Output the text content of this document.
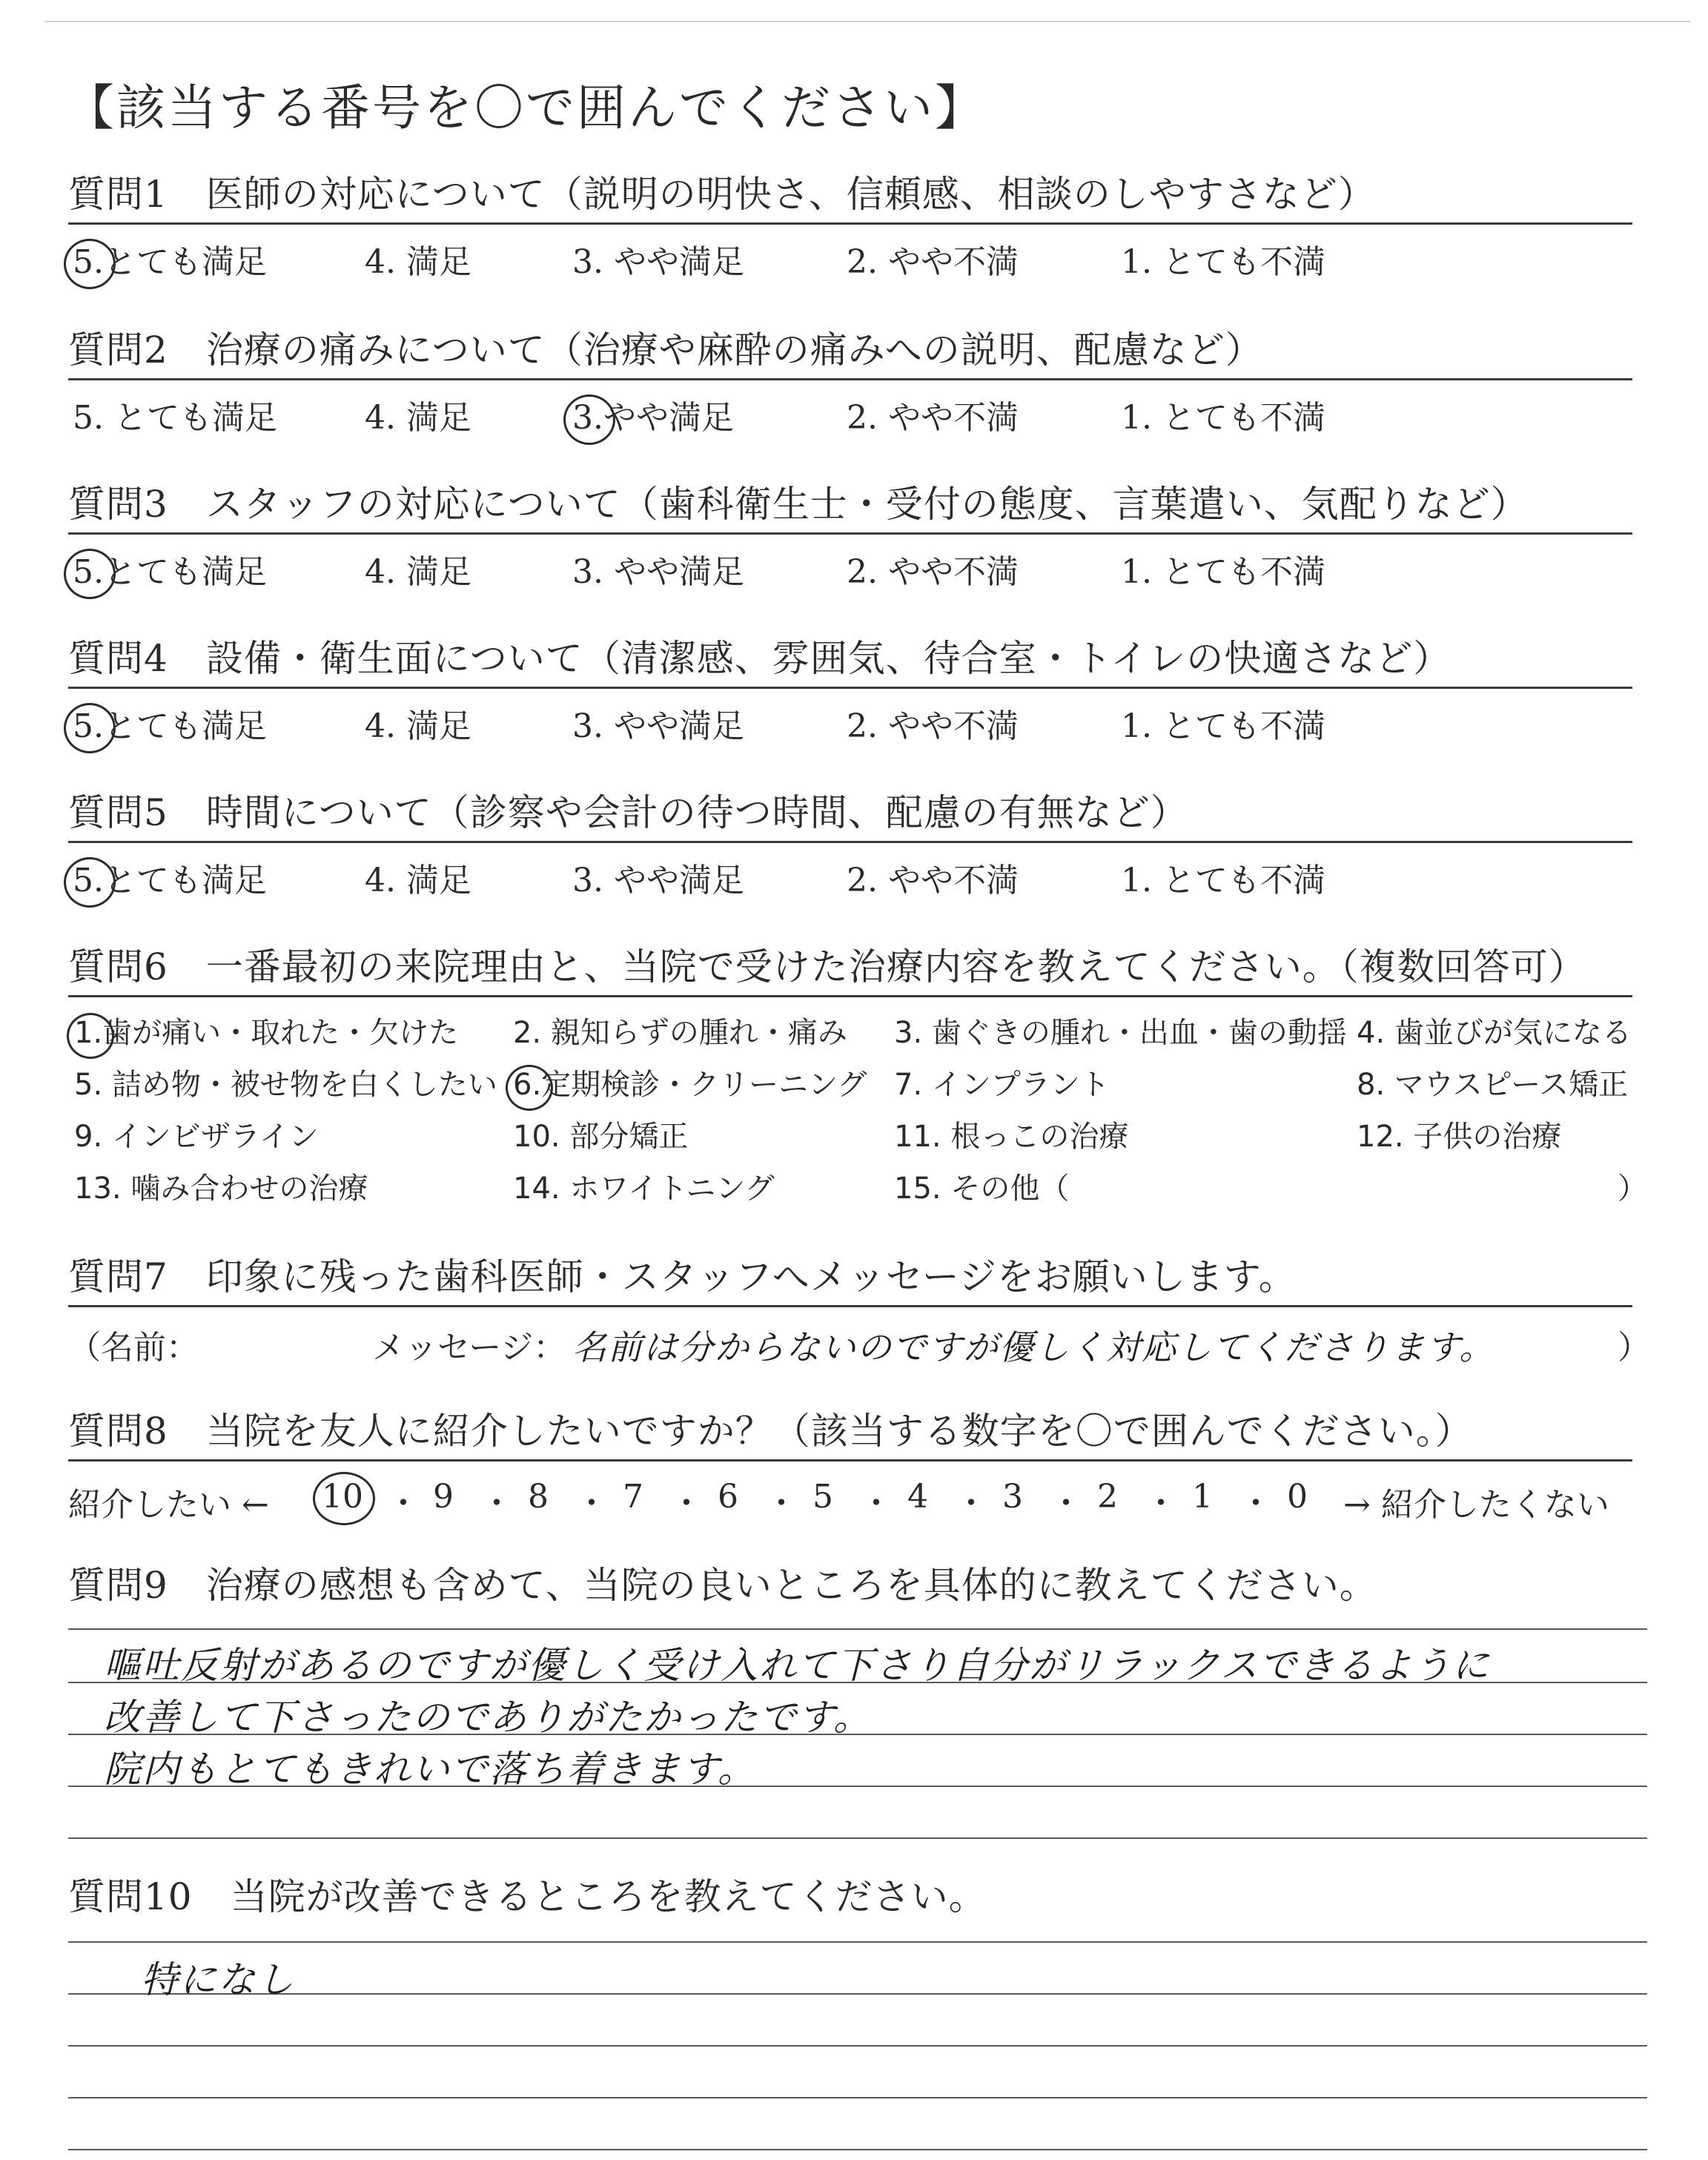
【該当する番号を〇で囲んでください】
質問1　 医師の対応について（説明の明快さ、信頼感、相談のしやすさなど）
5.とても満足	4. 満足	3. やや満足	2. やや不満	1. とても不満
質問2　 治療の痛みについて（治療や麻酔の痛みへの説明、配慮など）
5. とても満足	4. 満足	3.やや満足	2. やや不満	1. とても不満
質問3　 スタッフの対応について（歯科衛生士・受付の態度、言葉遣い、気配りなど）
5.とても満足	4. 満足	3. やや満足	2. やや不満	1. とても不満
質問4　 設備・衛生面について（清潔感、雰囲気、待合室・トイレの快適さなど）
5.とても満足	4. 満足	3. やや満足	2. やや不満	1. とても不満
質問5　 時間について（診察や会計の待つ時間、配慮の有無など）
5.とても満足	4. 満足	3. やや満足	2. やや不満	1. とても不満
質問6　 一番最初の来院理由と、当院で受けた治療内容を教えてください。（複数回答可）
1.歯が痛い・取れた・欠けた 2. 親知らずの腫れ・痛み 3. 歯ぐきの腫れ・出血・歯の動揺 4. 歯並びが気になる
5. 詰め物・被せ物を白くしたい 6.定期検診・クリーニング 7. インプラント	8. マウスピース矯正
9. インビザライン	10. 部分矯正	11. 根っこの治療	12. 子供の治療
13. 噛み合わせの治療	14. ホワイトニング	15. その他（	）
質問7　 印象に残った歯科医師・スタッフへメッセージをお願いします。
（名前：	メッセージ： 名前は分からないのですが優しく対応してくださります。	）
質問8　 当院を友人に紹介したいですか？（該当する数字を〇で囲んでください。）
紹介したい ← 10 ・ 9 ・ 8 ・ 7 ・ 6 ・ 5 ・ 4 ・ 3 ・ 2 ・ 1 ・ 0 → 紹介したくない
質問9　 治療の感想も含めて、当院の良いところを具体的に教えてください。
嘔吐反射があるのですが優しく受け入れて下さり自分がリラックスできるように
改善して下さったのでありがたかったです。
院内もとてもきれいで落ち着きます。
質問10　 当院が改善できるところを教えてください。
特になし
